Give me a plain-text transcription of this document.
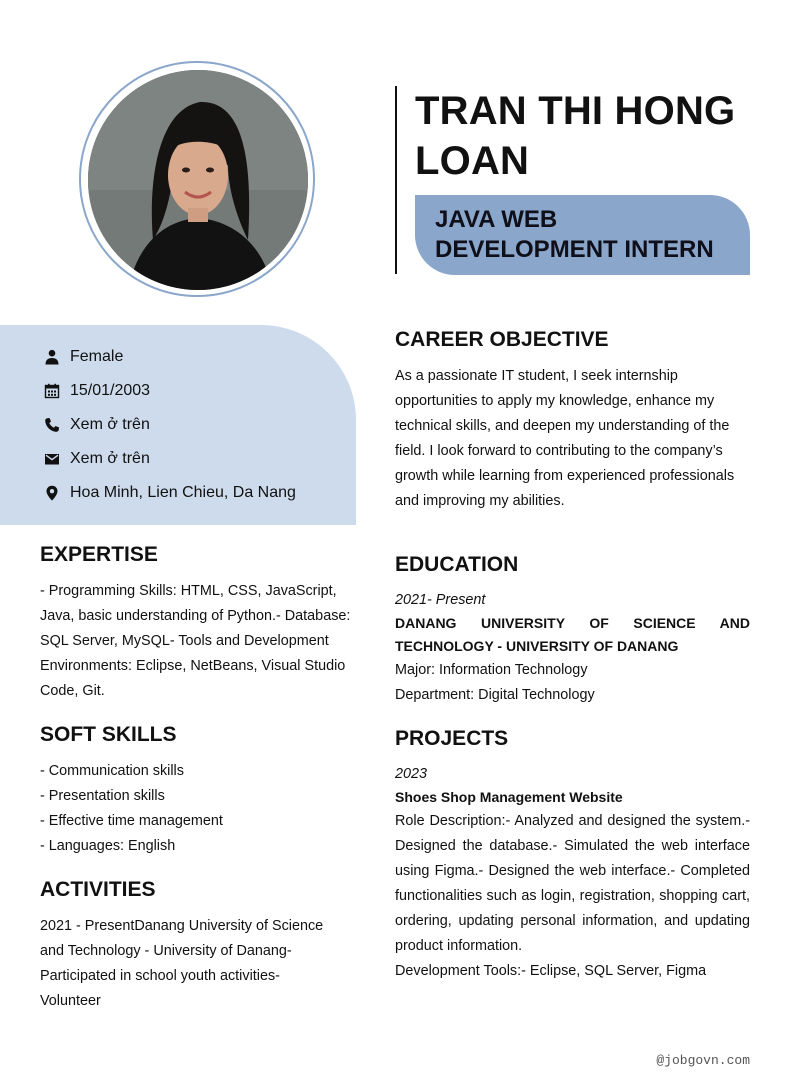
TRAN THI HONG LOAN
JAVA WEB DEVELOPMENT INTERN
Female
15/01/2003
Xem ở trên
Xem ở trên
Hoa Minh, Lien Chieu, Da Nang
EXPERTISE
- Programming Skills: HTML, CSS, JavaScript, Java, basic understanding of Python.- Database: SQL Server, MySQL- Tools and Development Environments: Eclipse, NetBeans, Visual Studio Code, Git.
SOFT SKILLS
- Communication skills
- Presentation skills
- Effective time management
- Languages: English
ACTIVITIES
2021 - PresentDanang University of Science and Technology - University of Danang- Participated in school youth activities- Volunteer
CAREER OBJECTIVE
As a passionate IT student, I seek internship opportunities to apply my knowledge, enhance my technical skills, and deepen my understanding of the field. I look forward to contributing to the company’s growth while learning from experienced professionals and improving my abilities.
EDUCATION
2021- Present
DANANG UNIVERSITY OF SCIENCE AND
TECHNOLOGY - UNIVERSITY OF DANANG
Major: Information Technology
Department: Digital Technology
PROJECTS
2023
Shoes Shop Management Website
Role Description:- Analyzed and designed the system.- Designed the database.- Simulated the web interface using Figma.- Designed the web interface.- Completed functionalities such as login, registration, shopping cart, ordering, updating personal information, and updating product information.
Development Tools:- Eclipse, SQL Server, Figma
@jobgovn.com
